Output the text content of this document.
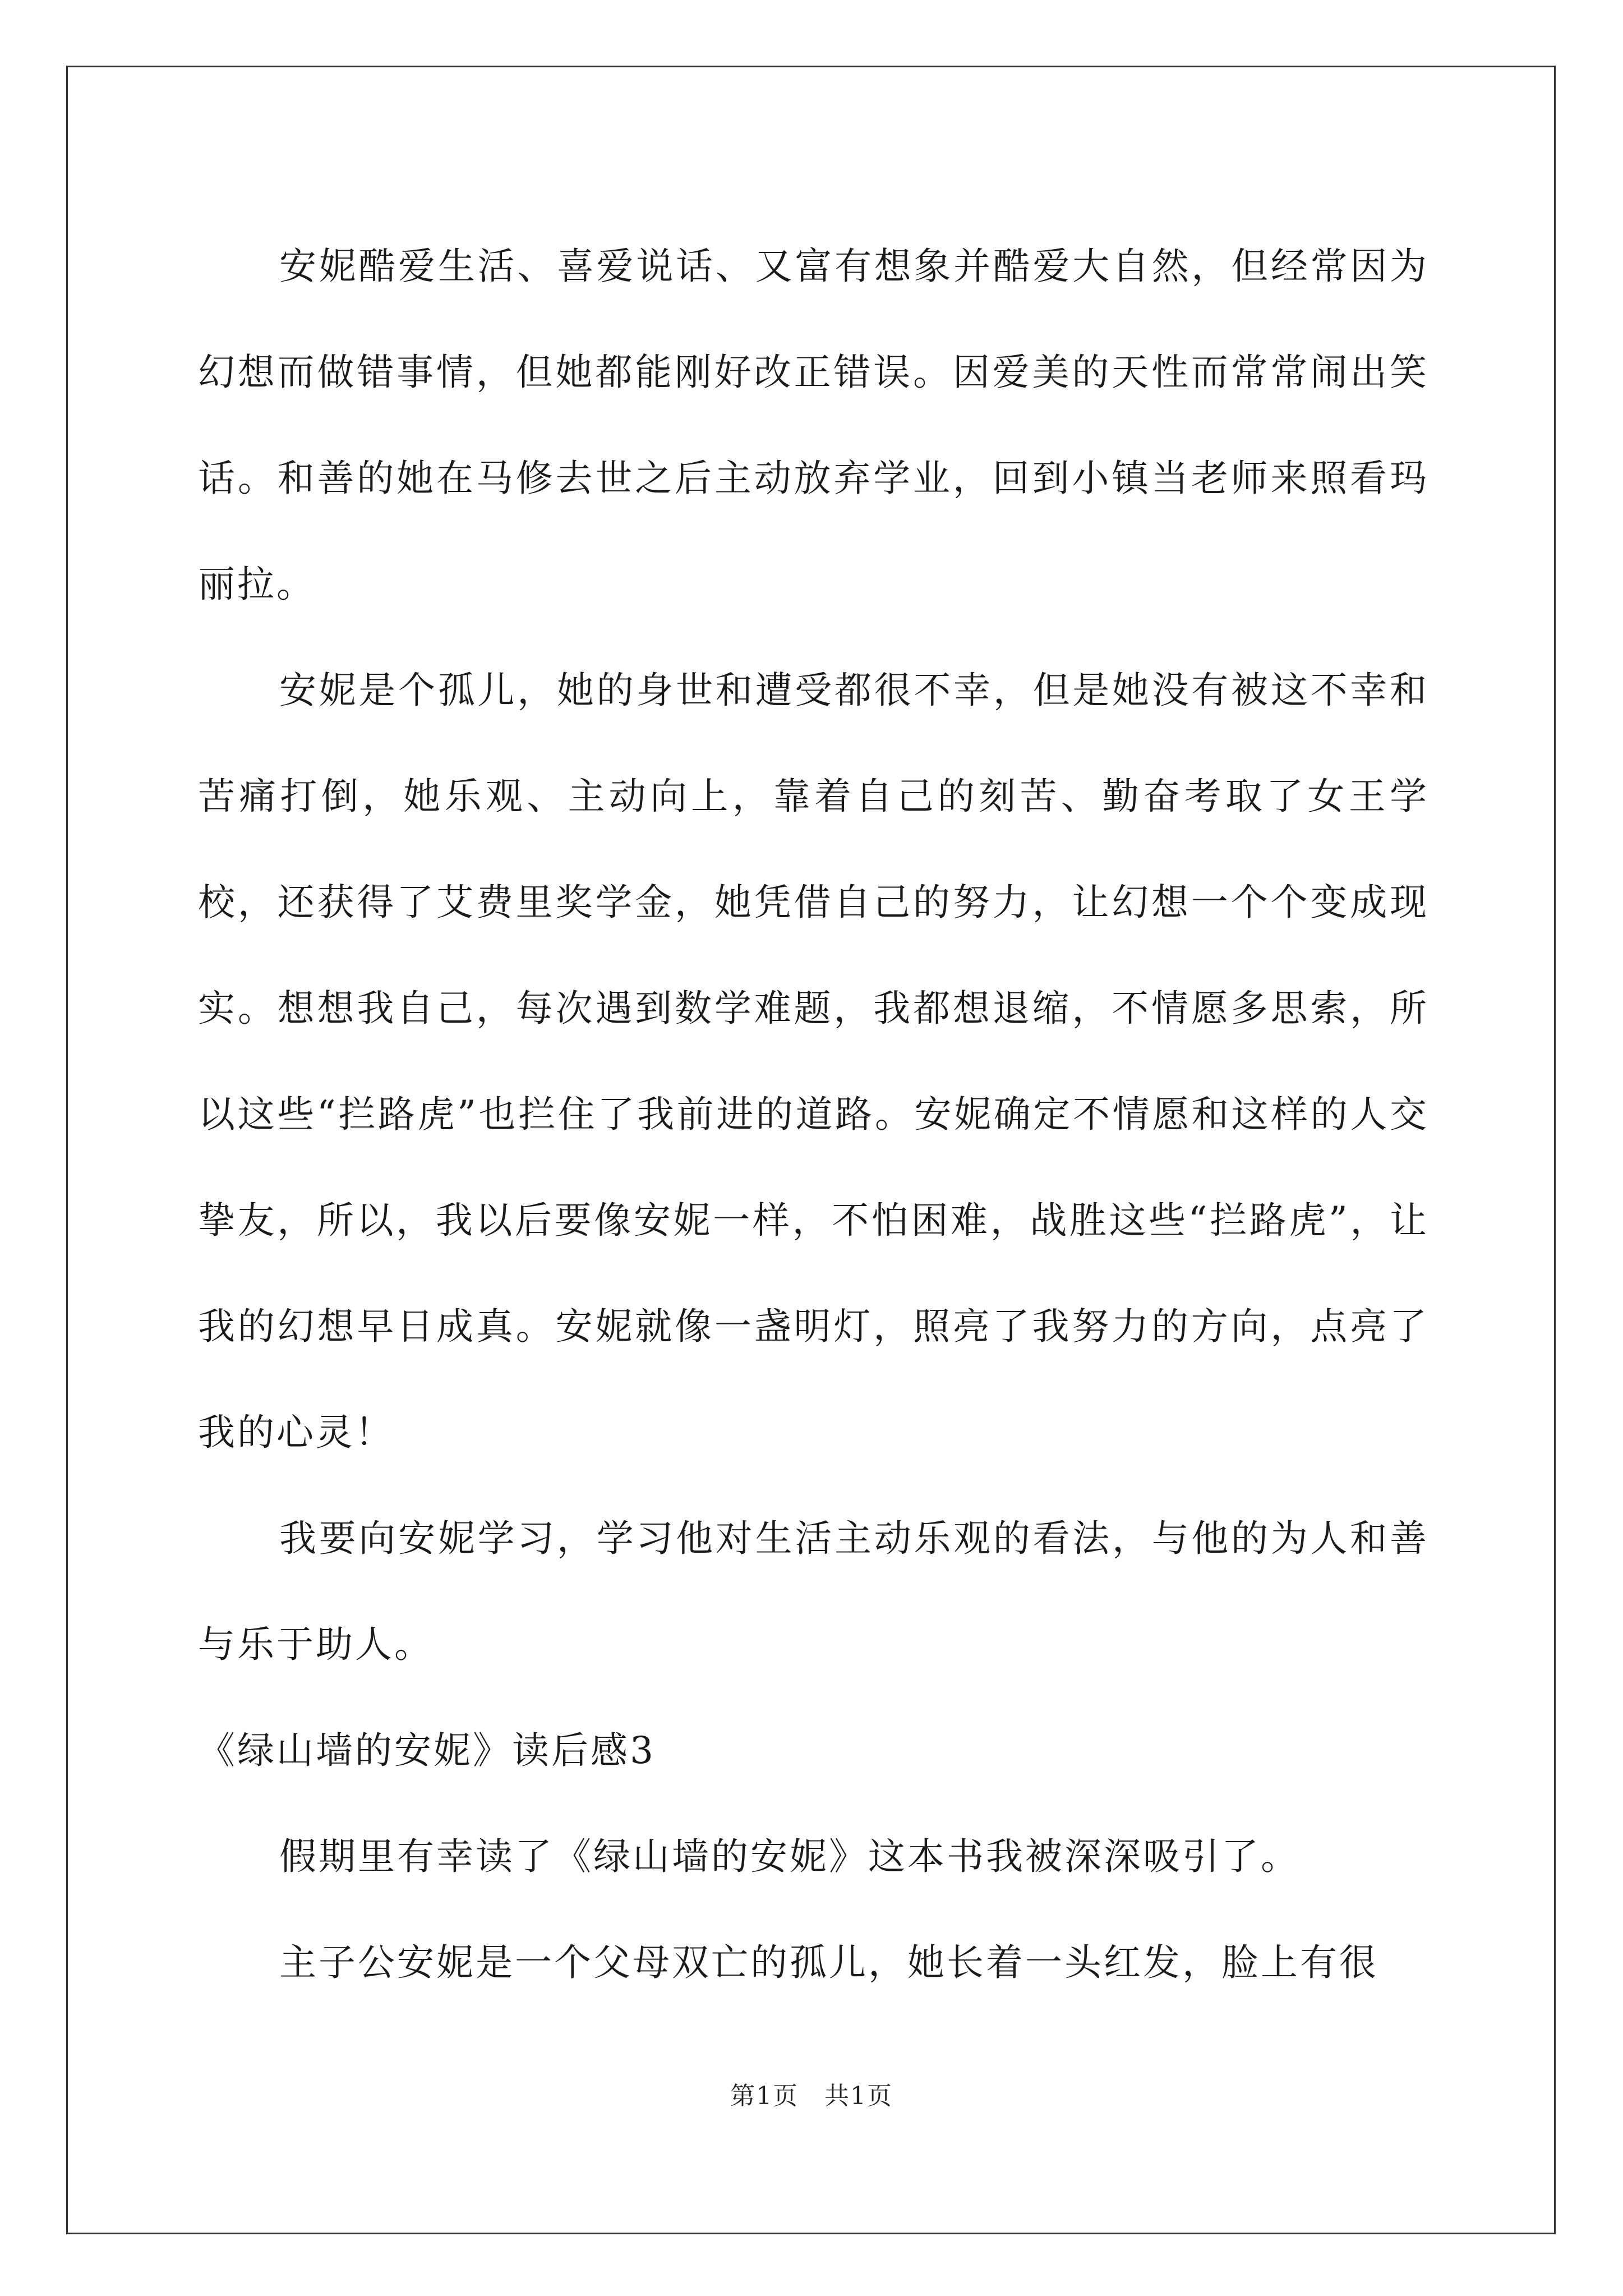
安妮酷爱生活、喜爱说话、又富有想象并酷爱大自然，但经常因为幻想而做错事情，但她都能刚好改正错误。因爱美的天性而常常闹出笑话。和善的她在马修去世之后主动放弃学业，回到小镇当老师来照看玛丽拉。

安妮是个孤儿，她的身世和遭受都很不幸，但是她没有被这不幸和苦痛打倒，她乐观、主动向上，靠着自己的刻苦、勤奋考取了女王学校，还获得了艾费里奖学金，她凭借自己的努力，让幻想一个个变成现实。想想我自己，每次遇到数学难题，我都想退缩，不情愿多思索，所以这些“拦路虎”也拦住了我前进的道路。安妮确定不情愿和这样的人交挚友，所以，我以后要像安妮一样，不怕困难，战胜这些“拦路虎”，让我的幻想早日成真。安妮就像一盏明灯，照亮了我努力的方向，点亮了我的心灵！

我要向安妮学习，学习他对生活主动乐观的看法，与他的为人和善与乐于助人。

《绿山墙的安妮》读后感3

假期里有幸读了《绿山墙的安妮》这本书我被深深吸引了。

主子公安妮是一个父母双亡的孤儿，她长着一头红发，脸上有很

第1页　共1页
